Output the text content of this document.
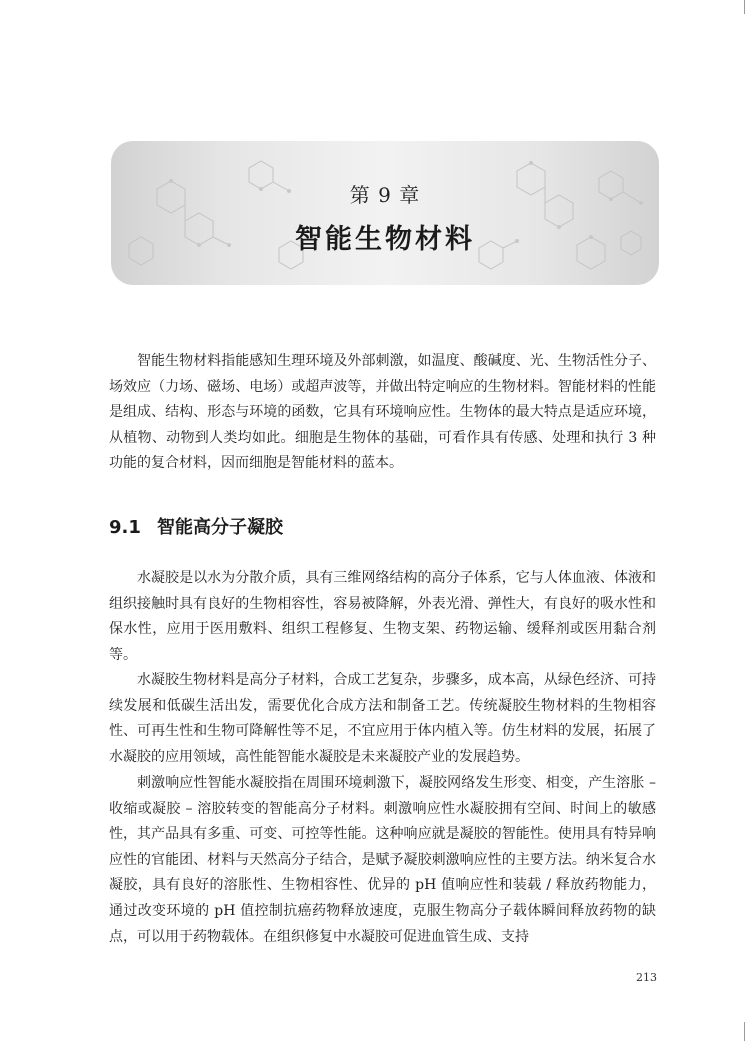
第 9 章
智能生物材料

智能生物材料指能感知生理环境及外部刺激，如温度、酸碱度、光、生物活性分子、场效应（力场、磁场、电场）或超声波等，并做出特定响应的生物材料。智能材料的性能是组成、结构、形态与环境的函数，它具有环境响应性。生物体的最大特点是适应环境，从植物、动物到人类均如此。细胞是生物体的基础，可看作具有传感、处理和执行 3 种功能的复合材料，因而细胞是智能材料的蓝本。

9.1 智能高分子凝胶

水凝胶是以水为分散介质，具有三维网络结构的高分子体系，它与人体血液、体液和组织接触时具有良好的生物相容性，容易被降解，外表光滑、弹性大，有良好的吸水性和保水性，应用于医用敷料、组织工程修复、生物支架、药物运输、缓释剂或医用黏合剂等。

水凝胶生物材料是高分子材料，合成工艺复杂，步骤多，成本高，从绿色经济、可持续发展和低碳生活出发，需要优化合成方法和制备工艺。传统凝胶生物材料的生物相容性、可再生性和生物可降解性等不足，不宜应用于体内植入等。仿生材料的发展，拓展了水凝胶的应用领域，高性能智能水凝胶是未来凝胶产业的发展趋势。

刺激响应性智能水凝胶指在周围环境刺激下，凝胶网络发生形变、相变，产生溶胀 – 收缩或凝胶 – 溶胶转变的智能高分子材料。刺激响应性水凝胶拥有空间、时间上的敏感性，其产品具有多重、可变、可控等性能。这种响应就是凝胶的智能性。使用具有特异响应性的官能团、材料与天然高分子结合，是赋予凝胶刺激响应性的主要方法。纳米复合水凝胶，具有良好的溶胀性、生物相容性、优异的 pH 值响应性和装载 / 释放药物能力，通过改变环境的 pH 值控制抗癌药物释放速度，克服生物高分子载体瞬间释放药物的缺点，可以用于药物载体。在组织修复中水凝胶可促进血管生成、支持

213
